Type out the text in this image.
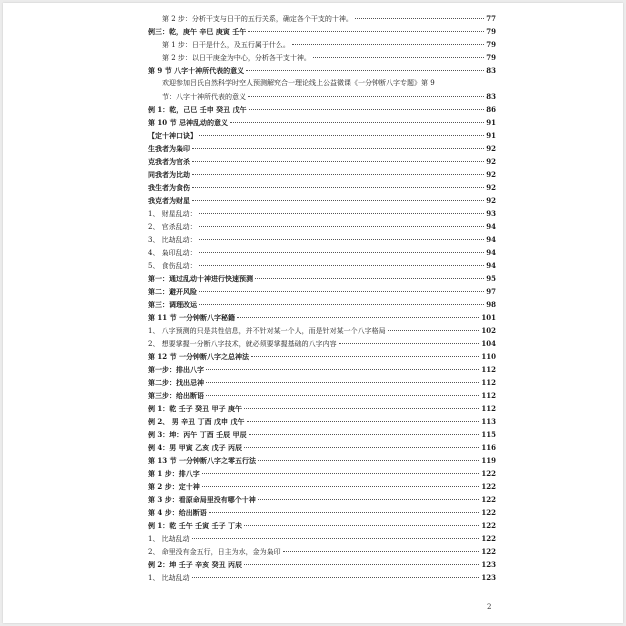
第 2 步：分析干支与日干的五行关系，确定各个干支的十神。	77
例三：乾，庚午 辛巳 庚寅 壬午	79
第 1 步：日干是什么，及五行属于什么。	79
第 2 步：以日干庚金为中心，分析各干支十神。	79
第 9 节 八字十神所代表的意义	83
欢迎参加吕氏自然科学时空人预测解究合一理论线上公益微课《一分钟断八字专题》第 9
节：八字十神所代表的意义	83
例 1：乾，己巳 壬申 癸丑 戊午	86
第 10 节 忌神乱动的意义	91
【定十神口诀】	91
生我者为枭印	92
克我者为官杀	92
同我者为比劫	92
我生者为食伤	92
我克者为财星	92
1、 财星乱动：	93
2、 官杀乱动：	94
3、 比劫乱动：	94
4、 枭印乱动：	94
5、 食伤乱动：	94
第一：通过乱动十神进行快速预测	95
第二：避开风险	97
第三：调理改运	98
第 11 节 一分钟断八字秘籍	101
1、 八字预测的只是共性信息，并不针对某一个人，而是针对某一个八字格局	102
2、 想要掌握一分断八字技术，就必须要掌握基础的八字内容	104
第 12 节 一分钟断八字之总神法	110
第一步：排出八字	112
第二步：找出忌神	112
第三步：给出断语	112
例 1：乾 壬子 癸丑 甲子 庚午	112
例 2、 男 辛丑 丁酉 戊申 戊午	113
例 3：坤：丙午 丁酉 壬辰 甲辰	115
例 4：男 甲寅 乙亥 戊子 丙辰	116
第 13 节 一分钟断八字之零五行法	119
第 1 步：排八字	122
第 2 步：定十神	122
第 3 步：看原命局里没有哪个十神	122
第 4 步：给出断语	122
例 1：乾 壬午 壬寅 壬子 丁未	122
1、 比劫乱动	122
2、 命里没有金五行，日主为水，金为枭印	122
例 2：坤 壬子 辛亥 癸丑 丙辰	123
1、 比劫乱动	123
2
